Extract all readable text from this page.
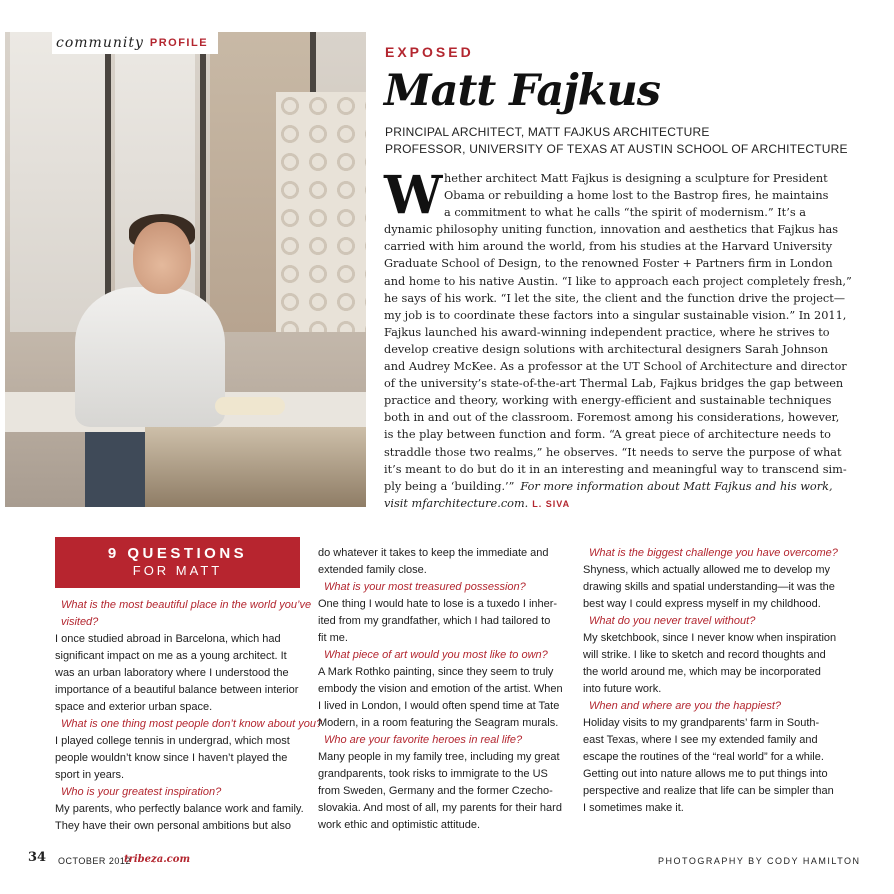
community PROFILE
EXPOSED
Matt Fajkus
PRINCIPAL ARCHITECT, MATT FAJKUS ARCHITECTURE
PROFESSOR, UNIVERSITY OF TEXAS AT AUSTIN SCHOOL OF ARCHITECTURE
W hether architect Matt Fajkus is designing a sculpture for President
Obama or rebuilding a home lost to the Bastrop fires, he maintains
a commitment to what he calls “the spirit of modernism.” It’s a
dynamic philosophy uniting function, innovation and aesthetics that Fajkus has
carried with him around the world, from his studies at the Harvard University
Graduate School of Design, to the renowned Foster + Partners firm in London
and home to his native Austin. “I like to approach each project completely fresh,”
he says of his work. “I let the site, the client and the function drive the project—
my job is to coordinate these factors into a singular sustainable vision.” In 2011,
Fajkus launched his award-winning independent practice, where he strives to
develop creative design solutions with architectural designers Sarah Johnson
and Audrey McKee. As a professor at the UT School of Architecture and director
of the university’s state-of-the-art Thermal Lab, Fajkus bridges the gap between
practice and theory, working with energy-efficient and sustainable techniques
both in and out of the classroom. Foremost among his considerations, however,
is the play between function and form. “A great piece of architecture needs to
straddle those two realms,” he observes. “It needs to serve the purpose of what
it’s meant to do but do it in an interesting and meaningful way to transcend sim-
ply being a ‘building.’” For more information about Matt Fajkus and his work,
visit mfarchitecture.com. L. SIVA
9 QUESTIONS
FOR MATT
What is the most beautiful place in the world you’ve
visited?
I once studied abroad in Barcelona, which had
significant impact on me as a young architect. It
was an urban laboratory where I understood the
importance of a beautiful balance between interior
space and exterior urban space.
What is one thing most people don’t know about you?
I played college tennis in undergrad, which most
people wouldn’t know since I haven’t played the
sport in years.
Who is your greatest inspiration?
My parents, who perfectly balance work and family.
They have their own personal ambitions but also
do whatever it takes to keep the immediate and
extended family close.
What is your most treasured possession?
One thing I would hate to lose is a tuxedo I inher-
ited from my grandfather, which I had tailored to
fit me.
What piece of art would you most like to own?
A Mark Rothko painting, since they seem to truly
embody the vision and emotion of the artist. When
I lived in London, I would often spend time at Tate
Modern, in a room featuring the Seagram murals.
Who are your favorite heroes in real life?
Many people in my family tree, including my great
grandparents, took risks to immigrate to the US
from Sweden, Germany and the former Czecho-
slovakia. And most of all, my parents for their hard
work ethic and optimistic attitude.
What is the biggest challenge you have overcome?
Shyness, which actually allowed me to develop my
drawing skills and spatial understanding—it was the
best way I could express myself in my childhood.
What do you never travel without?
My sketchbook, since I never know when inspiration
will strike. I like to sketch and record thoughts and
the world around me, which may be incorporated
into future work.
When and where are you the happiest?
Holiday visits to my grandparents’ farm in South-
east Texas, where I see my extended family and
escape the routines of the “real world” for a while.
Getting out into nature allows me to put things into
perspective and realize that life can be simpler than
I sometimes make it.
34 OCTOBER 2012
tribeza.com	PHOTOGRAPHY BY CODY HAMILTON
